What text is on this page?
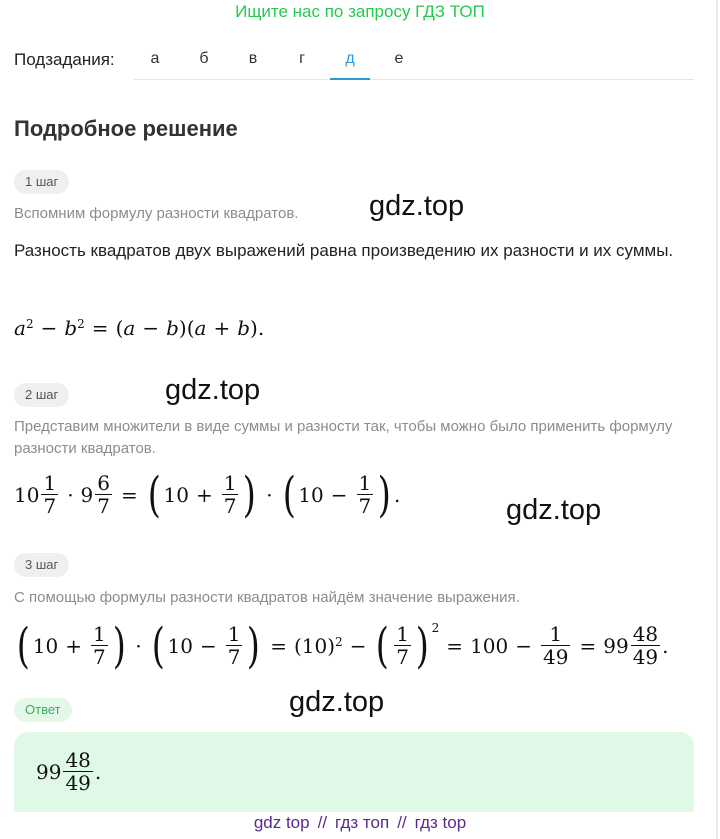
Ищите нас по запросу ГДЗ ТОП
Подзадания:	а	б	в	г	д	е
Подробное решение
1 шаг
Вспомним формулу разности квадратов.
Разность квадратов двух выражений равна произведению их разности и их суммы.
$a^2 - b^2$ = ( a − b )( a + b ).
2 шаг
Представим множители в виде суммы и разности так, чтобы можно было применить формулу разности квадратов.
$10 \frac{1}{7} \cdot 9 \frac{6}{7}$ = ( $10 + \frac{1}{7}$ ) · ( $10 - \frac{1}{7}$ ) .
3 шаг
С помощью формулы разности квадратов найдём значение выражения.
( $10 + \frac{1}{7}$ ) · ( $10 - \frac{1}{7}$ ) = ( 10 )$^2$ − ( $\frac{1}{7} )^2$
= $100 - \frac{1}{49} = 99 \frac{48}{49}$ .
Ответ
$99 \frac{48}{49}$ .
gdz.top
gdz.top
gdz.top
gdz.top
gdz top // гдз топ // гдз top
